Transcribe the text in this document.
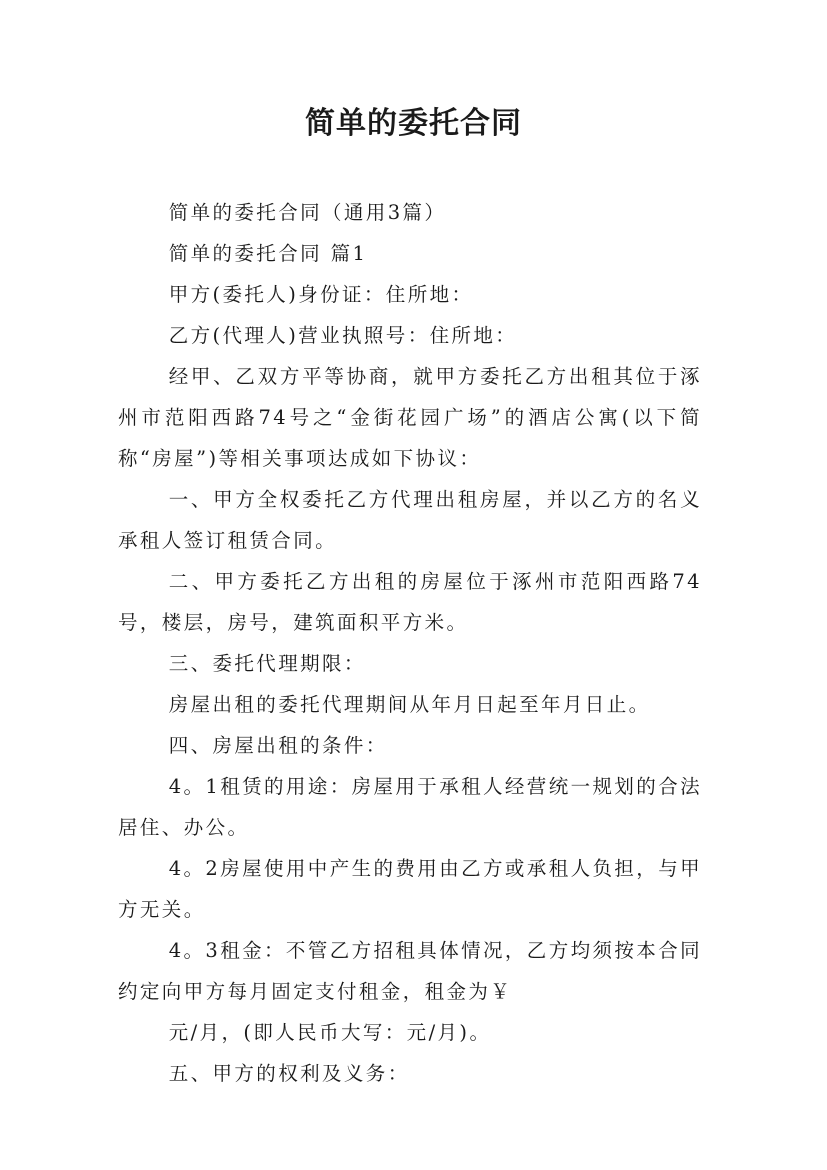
简单的委托合同

简单的委托合同（通用3篇）

简单的委托合同 篇1

甲方(委托人)身份证：住所地：

乙方(代理人)营业执照号：住所地：

经甲、乙双方平等协商，就甲方委托乙方出租其位于涿州市范阳西路74号之“金街花园广场”的酒店公寓(以下简称“房屋”)等相关事项达成如下协议：

一、甲方全权委托乙方代理出租房屋，并以乙方的名义承租人签订租赁合同。

二、甲方委托乙方出租的房屋位于涿州市范阳西路74号，楼层，房号，建筑面积平方米。

三、委托代理期限：

房屋出租的委托代理期间从年月日起至年月日止。

四、房屋出租的条件：

4。1租赁的用途：房屋用于承租人经营统一规划的合法居住、办公。

4。2房屋使用中产生的费用由乙方或承租人负担，与甲方无关。

4。3租金：不管乙方招租具体情况，乙方均须按本合同约定向甲方每月固定支付租金，租金为￥

元/月，(即人民币大写：元/月)。

五、甲方的权利及义务：
